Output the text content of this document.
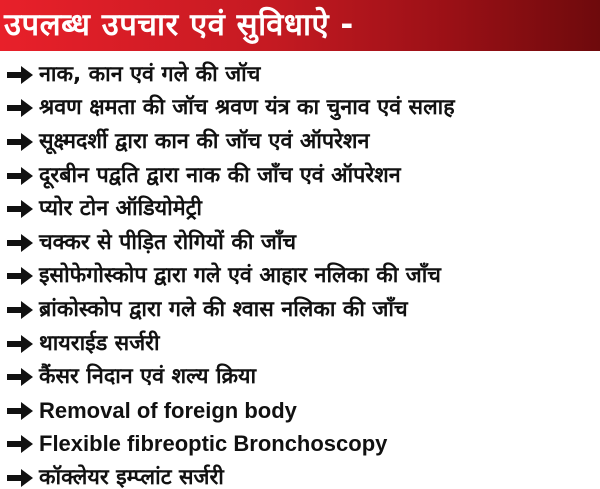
उपलब्ध उपचार एवं सुविधाऐ -
नाक, कान एवं गले की जॉच
श्रवण क्षमता की जॉच श्रवण यंत्र का चुनाव एवं सलाह
सूक्ष्मदर्शी द्वारा कान की जॉच एवं ऑपरेशन
दूरबीन पद्वति द्वारा नाक की जाँच एवं ऑपरेशन
प्योर टोन ऑडियोमेट्री
चक्कर से पीड़ित रोगियों की जाँच
इसोफेगोस्कोप द्वारा गले एवं आहार नलिका की जाँच
ब्रांकोस्कोप द्वारा गले की श्वास नलिका की जाँच
थायराईड सर्जरी
कैंसर निदान एवं शल्य क्रिया
Removal of foreign body
Flexible fibreoptic Bronchoscopy
कॉक्लेयर इम्प्लांट सर्जरी
